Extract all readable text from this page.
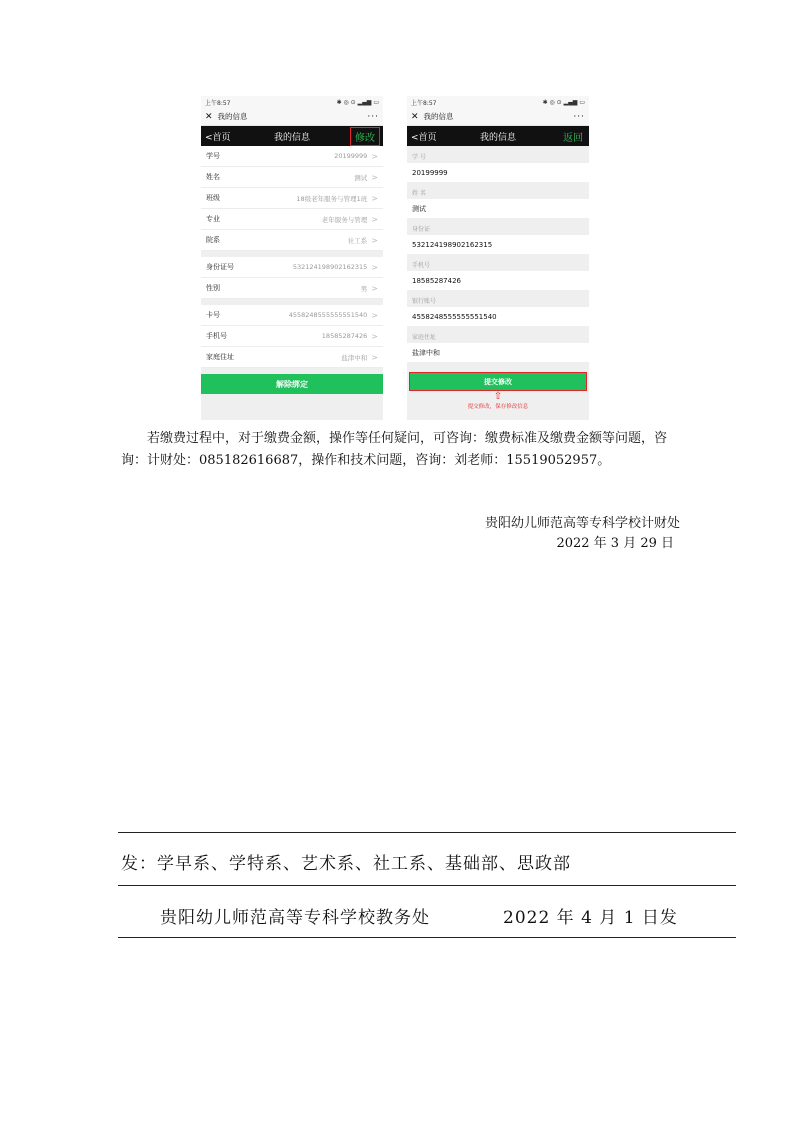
上午8:57	✱ ◎ ⊙ ▂▄▆ ▭
✕ 我的信息	···
<首页	我的信息	修改
学号	20199999 >
姓名	测试 >
班级	18级老年服务与管理1班 >
专业	老年服务与管理 >
院系	社工系 >
身份证号	532124198902162315 >
性别	男 >
卡号	4558248555555551540 >
手机号	18585287426 >
家庭住址	盐津中和 >
解除绑定
上午8:57	✱ ◎ ⊙ ▂▄▆ ▭
✕ 我的信息	···
<首页	我的信息	返回
学 号
20199999
姓 名
测试
身份证
532124198902162315
手机号
18585287426
银行账号
4558248555555551540
家庭住址
盐津中和
提交修改
⇧
提交修改，保存修改信息
若缴费过程中，对于缴费金额，操作等任何疑问，可咨询：缴费标准及缴费金额等问题，咨询：计财处：085182616687，操作和技术问题，咨询：刘老师：15519052957。
贵阳幼儿师范高等专科学校计财处
2022 年 3 月 29 日
发：学早系、学特系、艺术系、社工系、基础部、思政部
贵阳幼儿师范高等专科学校教务处	2022 年 4 月 1 日发
